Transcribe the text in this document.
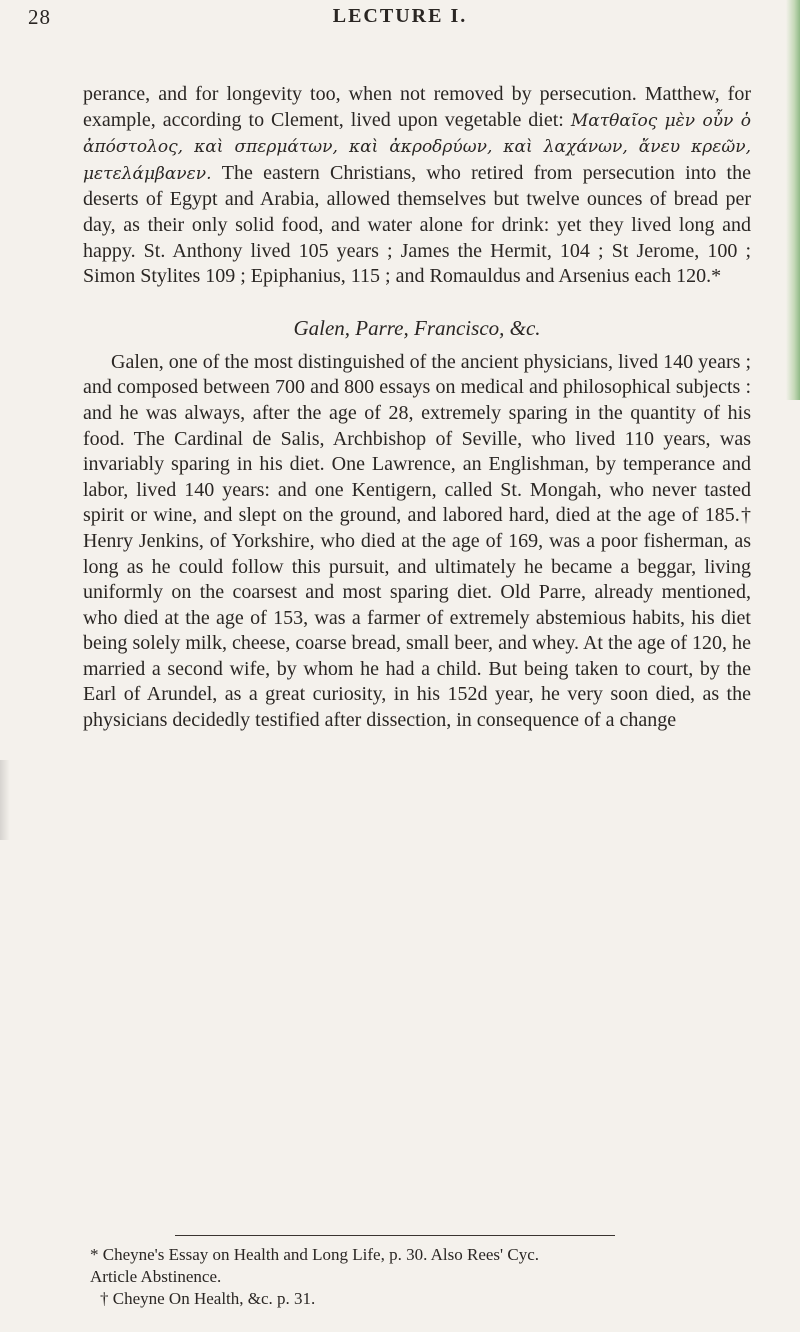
28	LECTURE I.

perance, and for longevity too, when not removed by persecution. Matthew, for example, according to Clement, lived upon vegetable diet: Ματθαῖος μὲν οὖν ὁ ἀπόστολος, καὶ σπερμάτων, καὶ ἀκροδρύων, καὶ λαχάνων, ἄνευ κρεῶν, μετελάμβανεν. The eastern Christians, who retired from persecution into the deserts of Egypt and Arabia, allowed themselves but twelve ounces of bread per day, as their only solid food, and water alone for drink: yet they lived long and happy. St. Anthony lived 105 years ; James the Hermit, 104 ; St Jerome, 100 ; Simon Stylites 109 ; Epiphanius, 115 ; and Romauldus and Arsenius each 120.*

Galen, Parre, Francisco, &c.

Galen, one of the most distinguished of the ancient physicians, lived 140 years ; and composed between 700 and 800 essays on medical and philosophical subjects : and he was always, after the age of 28, extremely sparing in the quantity of his food. The Cardinal de Salis, Archbishop of Seville, who lived 110 years, was invariably sparing in his diet. One Lawrence, an Englishman, by temperance and labor, lived 140 years: and one Kentigern, called St. Mongah, who never tasted spirit or wine, and slept on the ground, and labored hard, died at the age of 185.† Henry Jenkins, of Yorkshire, who died at the age of 169, was a poor fisherman, as long as he could follow this pursuit, and ultimately he became a beggar, living uniformly on the coarsest and most sparing diet. Old Parre, already mentioned, who died at the age of 153, was a farmer of extremely abstemious habits, his diet being solely milk, cheese, coarse bread, small beer, and whey. At the age of 120, he married a second wife, by whom he had a child. But being taken to court, by the Earl of Arundel, as a great curiosity, in his 152d year, he very soon died, as the physicians decidedly testified after dissection, in consequence of a change

* Cheyne's Essay on Health and Long Life, p. 30. Also Rees' Cyc.

Article Abstinence.

† Cheyne On Health, &c. p. 31.
